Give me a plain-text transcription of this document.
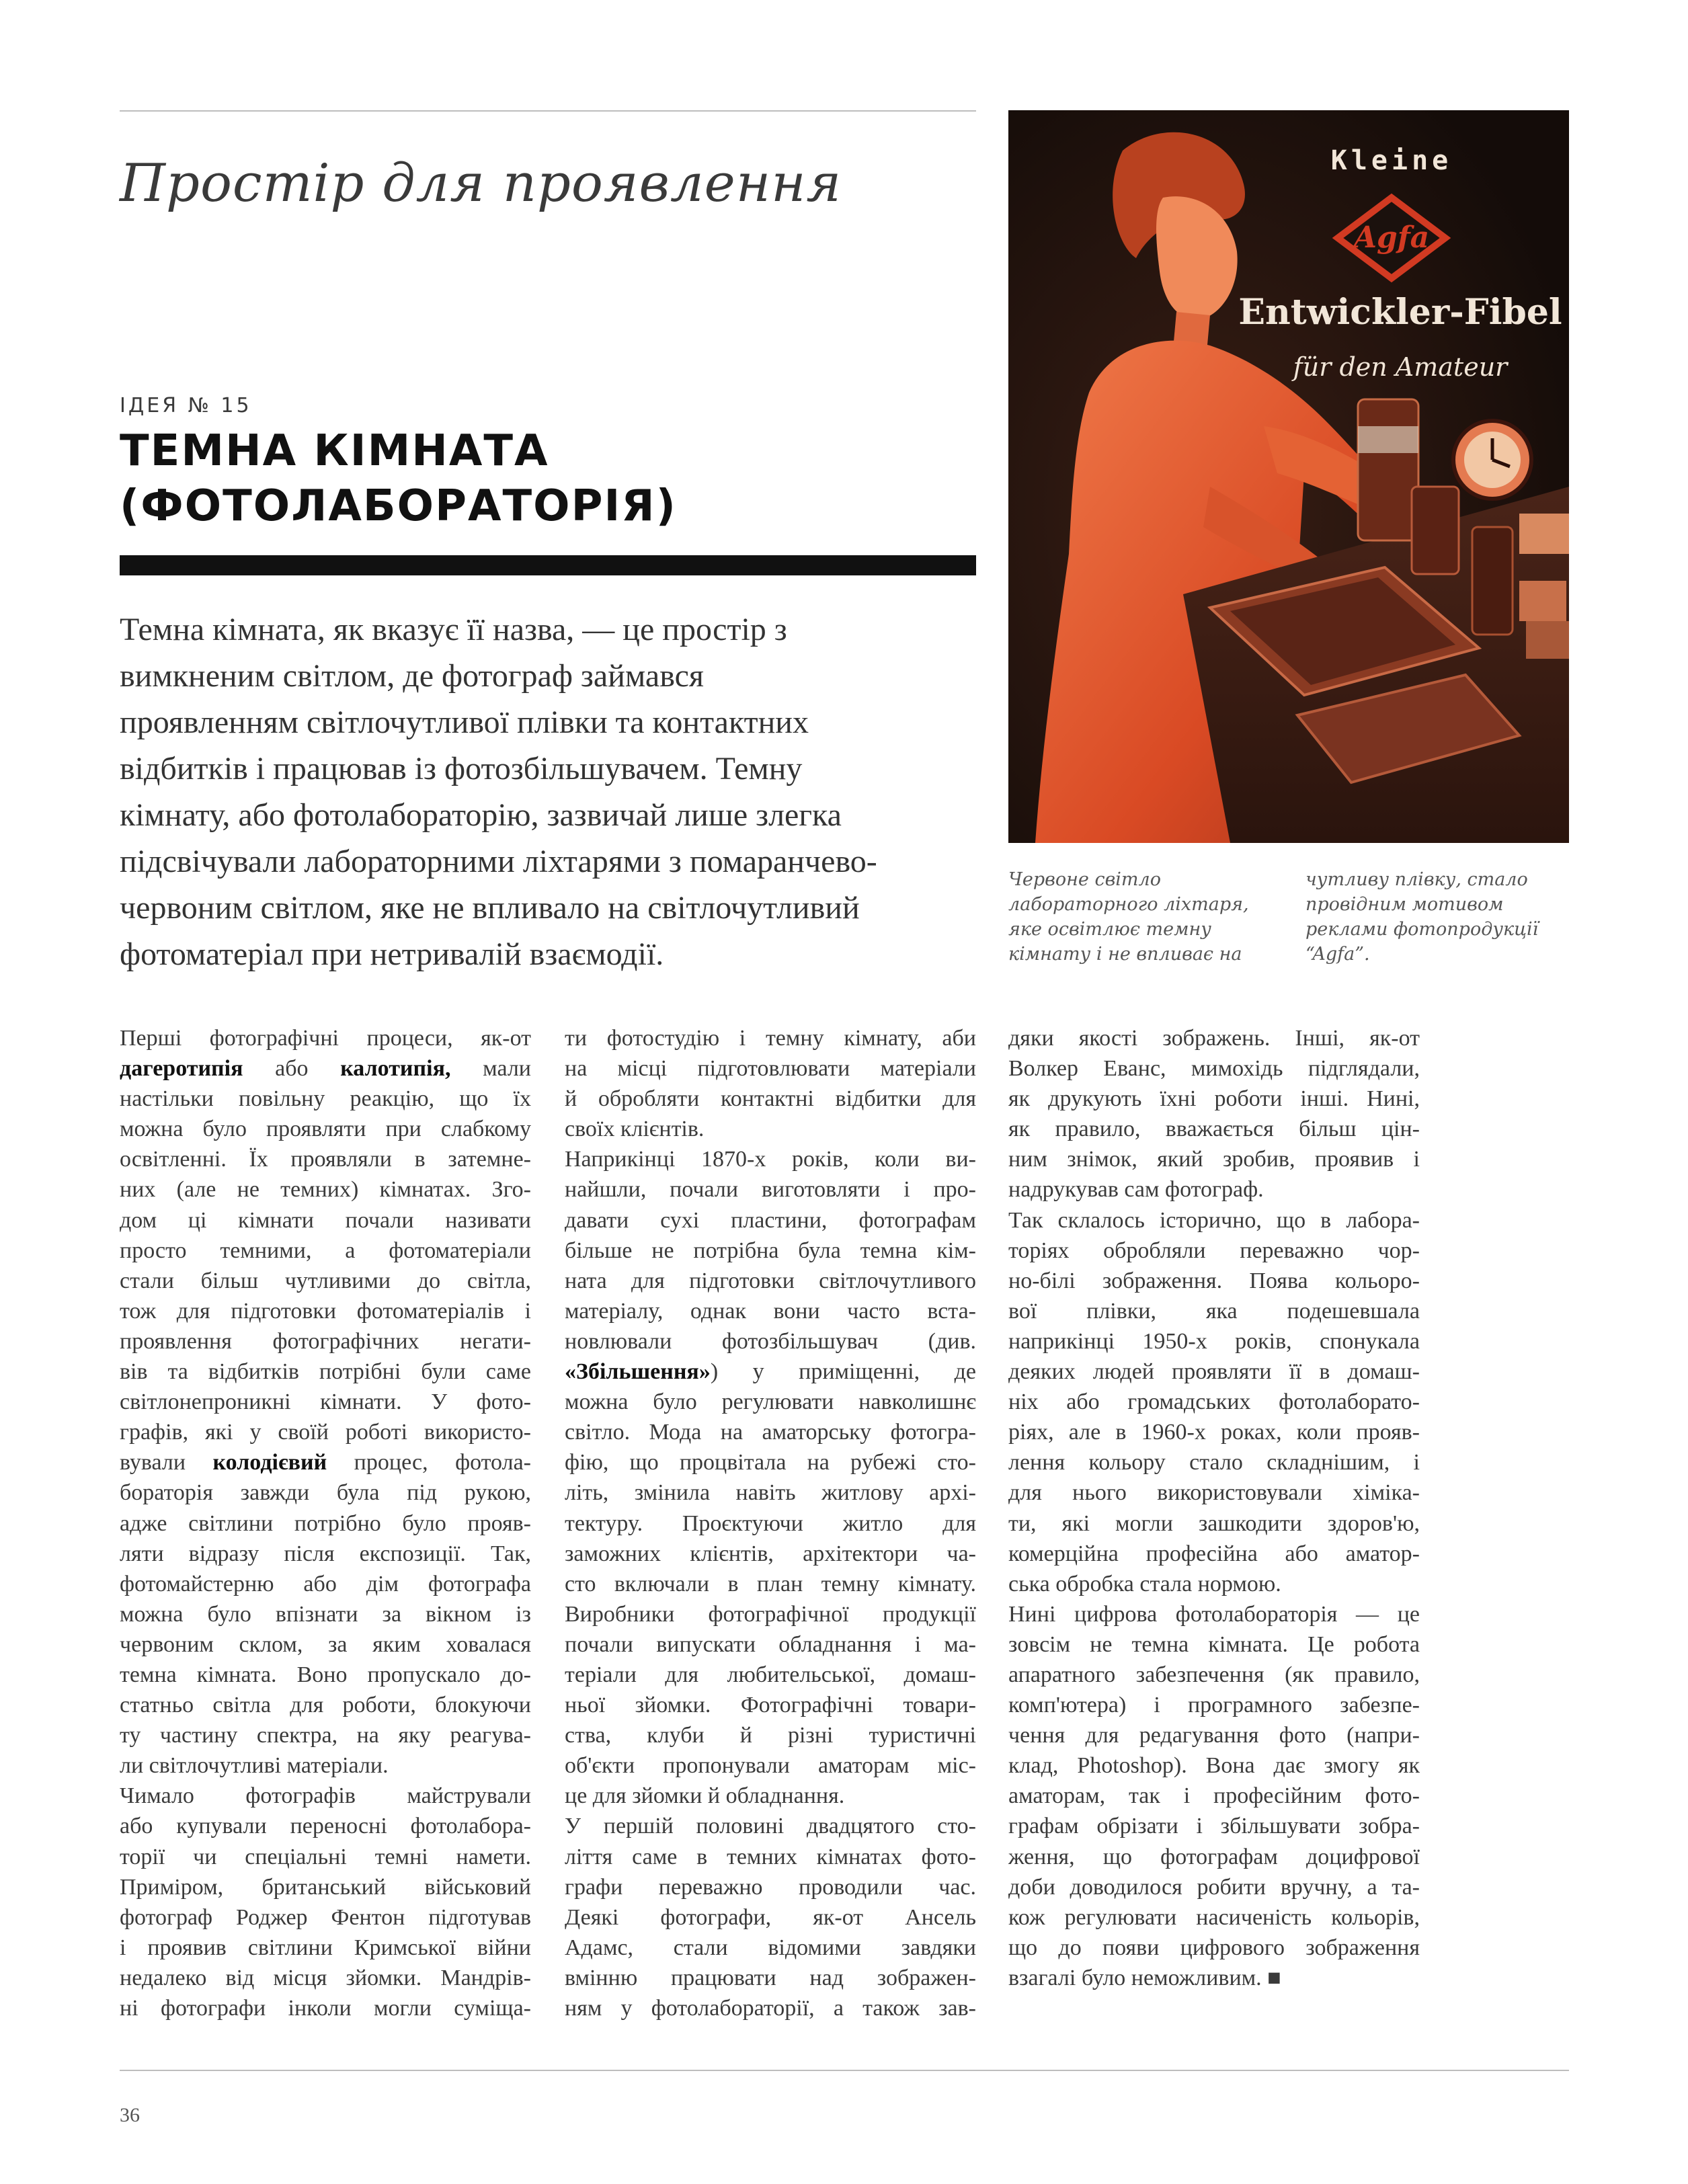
Простір для проявлення
ІДЕЯ № 15
ТЕМНА КІМНАТА
(ФОТОЛАБОРАТОРІЯ)
Темна кімната, як вказує її назва, — це простір з
вимкненим світлом, де фотограф займався
проявленням світлочутливої плівки та контактних
відбитків і працював із фотозбільшувачем. Темну
кімнату, або фотолабораторію, зазвичай лише злегка
підсвічували лабораторними ліхтарями з помаранчево-
червоним світлом, яке не впливало на світлочутливий
фотоматеріал при нетривалій взаємодії.
Kleine
Agfa
Entwickler-Fibel
für den Amateur
Червоне світло
лабораторного ліхтаря,
яке освітлює темну
кімнату і не впливає на
чутливу плівку, стало
провідним мотивом
реклами фотопродукції
“Agfa”.
Перші фотографічні процеси, як-от
дагеротипія або калотипія, мали
настільки повільну реакцію, що їх
можна було проявляти при слабкому
освітленні. Їх проявляли в затемне-
них (але не темних) кімнатах. Зго-
дом ці кімнати почали називати
просто темними, а фотоматеріали
стали більш чутливими до світла,
тож для підготовки фотоматеріалів і
проявлення фотографічних негати-
вів та відбитків потрібні були саме
світлонепроникні кімнати. У фото-
графів, які у своїй роботі використо-
вували колодієвий процес, фотола-
бораторія завжди була під рукою,
адже світлини потрібно було прояв-
ляти відразу після експозиції. Так,
фотомайстерню або дім фотографа
можна було впізнати за вікном із
червоним склом, за яким ховалася
темна кімната. Воно пропускало до-
статньо світла для роботи, блокуючи
ту частину спектра, на яку реагува-
ли світлочутливі матеріали.
Чимало фотографів майстрували
або купували переносні фотолабора-
торії чи спеціальні темні намети.
Приміром, британський військовий
фотограф Роджер Фентон підготував
і проявив світлини Кримської війни
недалеко від місця зйомки. Мандрів-
ні фотографи інколи могли суміща-
ти фотостудію і темну кімнату, аби
на місці підготовлювати матеріали
й обробляти контактні відбитки для
своїх клієнтів.
Наприкінці 1870-х років, коли ви-
найшли, почали виготовляти і про-
давати сухі пластини, фотографам
більше не потрібна була темна кім-
ната для підготовки світлочутливого
матеріалу, однак вони часто вста-
новлювали фотозбільшувач (див.
«Збільшення») у приміщенні, де
можна було регулювати навколишнє
світло. Мода на аматорську фотогра-
фію, що процвітала на рубежі сто-
літь, змінила навіть житлову архі-
тектуру. Проєктуючи житло для
заможних клієнтів, архітектори ча-
сто включали в план темну кімнату.
Виробники фотографічної продукції
почали випускати обладнання і ма-
теріали для любительської, домаш-
ньої зйомки. Фотографічні товари-
ства, клуби й різні туристичні
об'єкти пропонували аматорам міс-
це для зйомки й обладнання.
У першій половині двадцятого сто-
ліття саме в темних кімнатах фото-
графи переважно проводили час.
Деякі фотографи, як-от Ансель
Адамс, стали відомими завдяки
вмінню працювати над зображен-
ням у фотолабораторії, а також зав-
дяки якості зображень. Інші, як-от
Волкер Еванс, мимохідь підглядали,
як друкують їхні роботи інші. Нині,
як правило, вважається більш цін-
ним знімок, який зробив, проявив і
надрукував сам фотограф.
Так склалось історично, що в лабора-
торіях обробляли переважно чор-
но-білі зображення. Поява кольоро-
вої плівки, яка подешевшала
наприкінці 1950-х років, спонукала
деяких людей проявляти її в домаш-
ніх або громадських фотолаборато-
ріях, але в 1960-х роках, коли прояв-
лення кольору стало складнішим, і
для нього використовували хіміка-
ти, які могли зашкодити здоров'ю,
комерційна професійна або аматор-
ська обробка стала нормою.
Нині цифрова фотолабораторія — це
зовсім не темна кімната. Це робота
апаратного забезпечення (як правило,
комп'ютера) і програмного забезпе-
чення для редагування фото (напри-
клад, Photoshop). Вона дає змогу як
аматорам, так і професійним фото-
графам обрізати і збільшувати зобра-
ження, що фотографам доцифрової
доби доводилося робити вручну, а та-
кож регулювати насиченість кольорів,
що до появи цифрового зображення
взагалі було неможливим. ■
36
